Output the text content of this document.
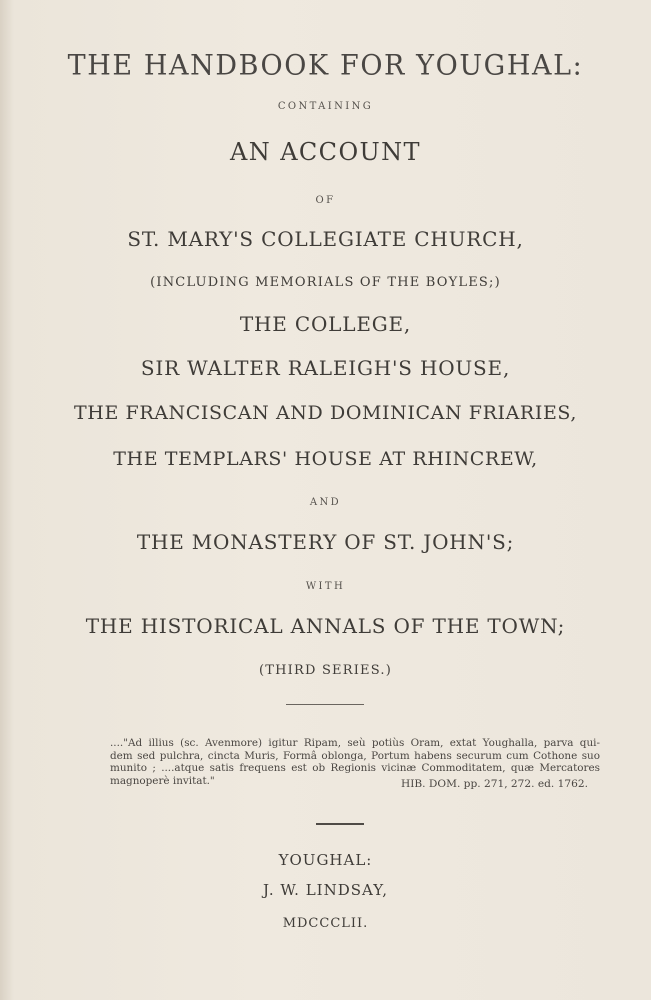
THE HANDBOOK FOR YOUGHAL:

CONTAINING

AN ACCOUNT

OF

ST. MARY'S COLLEGIATE CHURCH,

(INCLUDING MEMORIALS OF THE BOYLES;)

THE COLLEGE,

SIR WALTER RALEIGH'S HOUSE,

THE FRANCISCAN AND DOMINICAN FRIARIES,

THE TEMPLARS' HOUSE AT RHINCREW,

AND

THE MONASTERY OF ST. JOHN'S;

WITH

THE HISTORICAL ANNALS OF THE TOWN;

(THIRD SERIES.)

...."Ad illius (sc. Avenmore) igitur Ripam, seù potiùs Oram, extat Youghalla, parva qui-
dem sed pulchra, cincta Muris, Formâ oblonga, Portum habens securum cum Cothone suo
munito ; ....atque satis frequens est ob Regionis vicinæ Commoditatem, quæ Mercatores
magnoperè invitat."	HIB. DOM. pp. 271, 272. ed. 1762.

YOUGHAL:

J. W. LINDSAY,

MDCCCLII.
